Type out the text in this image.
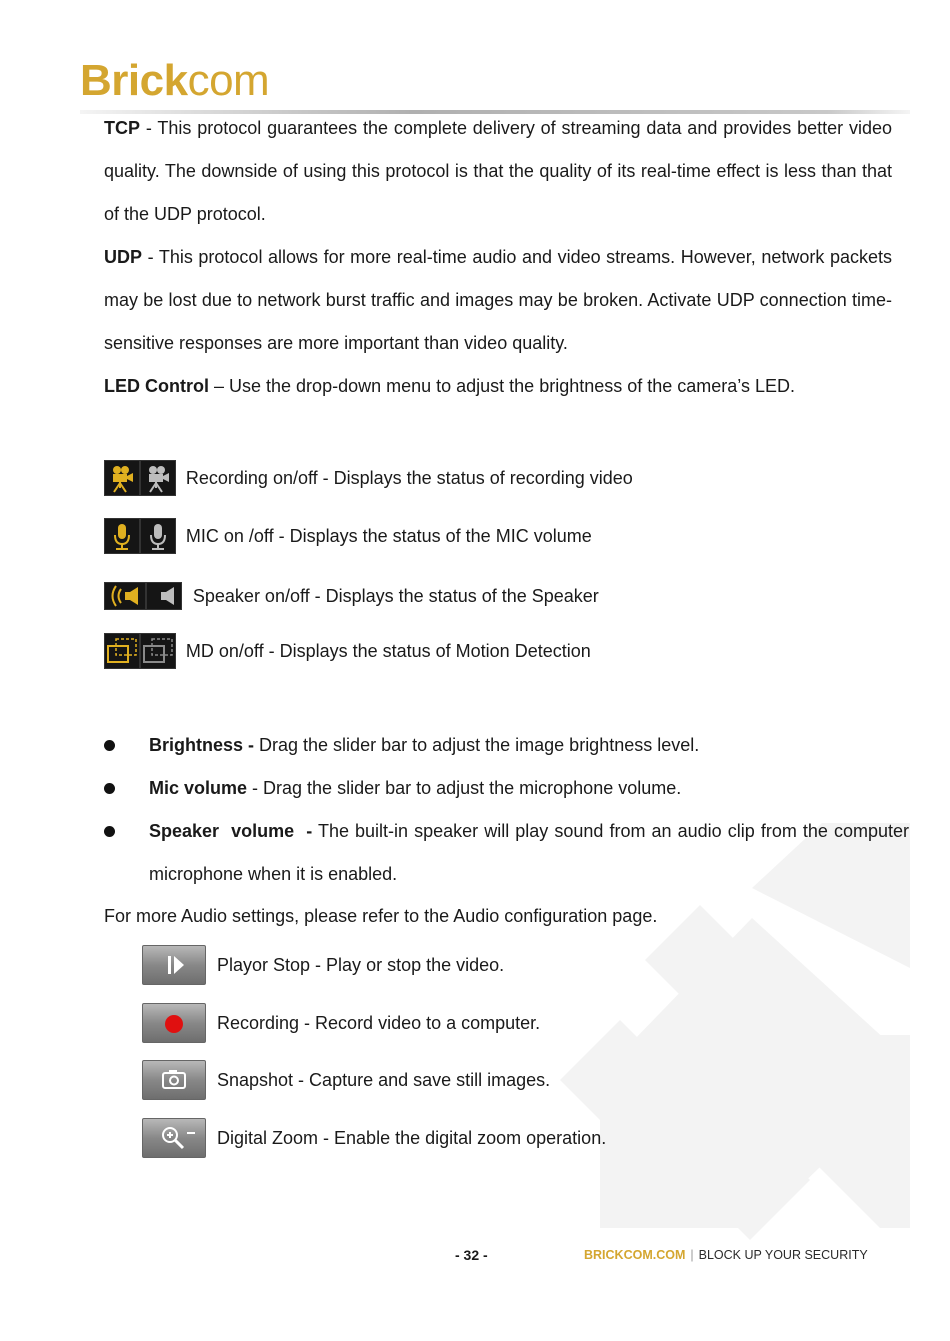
Brickcom

TCP - This protocol guarantees the complete delivery of streaming data and provides better video quality. The downside of using this protocol is that the quality of its real-time effect is less than that of the UDP protocol.

UDP - This protocol allows for more real-time audio and video streams. However, network packets may be lost due to network burst traffic and images may be broken. Activate UDP connection time-sensitive responses are more important than video quality.

LED Control – Use the drop-down menu to adjust the brightness of the camera’s LED.

Recording on/off - Displays the status of recording video
MIC on /off - Displays the status of the MIC volume
Speaker on/off - Displays the status of the Speaker
MD on/off - Displays the status of Motion Detection
Brightness - Drag the slider bar to adjust the image brightness level.
Mic volume - Drag the slider bar to adjust the microphone volume.
Speaker volume - The built-in speaker will play sound from an audio clip from the computer microphone when it is enabled.

For more Audio settings, please refer to the Audio configuration page.

Playor Stop - Play or stop the video.
Recording - Record video to a computer.
Snapshot - Capture and save still images.
Digital Zoom - Enable the digital zoom operation.
- 32 -	BRICKCOM.COM | BLOCK UP YOUR SECURITY
